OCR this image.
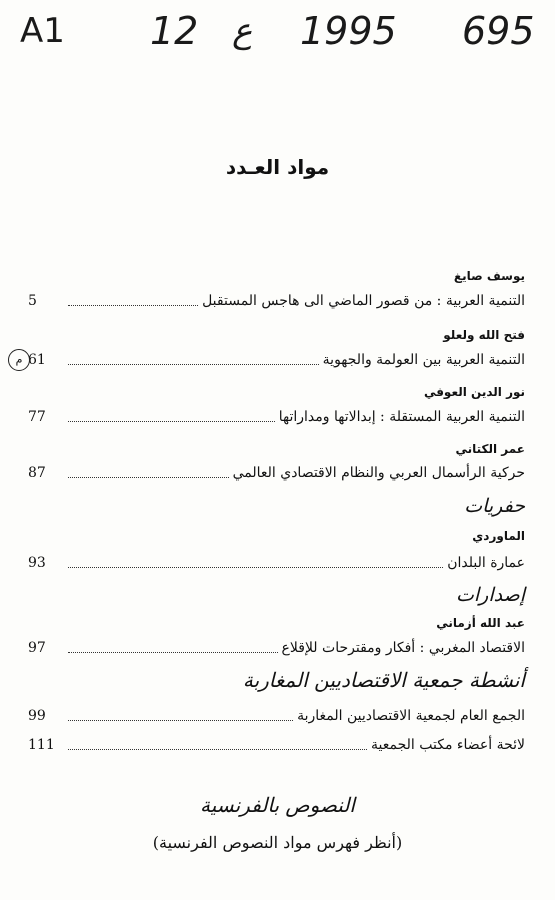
A1 12 ع 1995 695
مواد العـدد
يوسف صايغ
التنمية العربية : من قصور الماضي الى هاجس المستقبل
5
فتح الله ولعلو
التنمية العربية بين العولمة والجهوية
61
م
نور الدين العوفي
التنمية العربية المستقلة : إبدالاتها ومداراتها
77
عمر الكتاني
حركية الرأسمال العربي والنظام الاقتصادي العالمي
87
حفريات
الماوردي
عمارة البلدان
93
إصدارات
عبد الله أزماني
الاقتصاد المغربي : أفكار ومقترحات للإقلاع
97
أنشطة جمعية الاقتصاديين المغاربة
الجمع العام لجمعية الاقتصاديين المغاربة
99
لائحة أعضاء مكتب الجمعية
111
النصوص بالفرنسية
(أنظر فهرس مواد النصوص الفرنسية)
